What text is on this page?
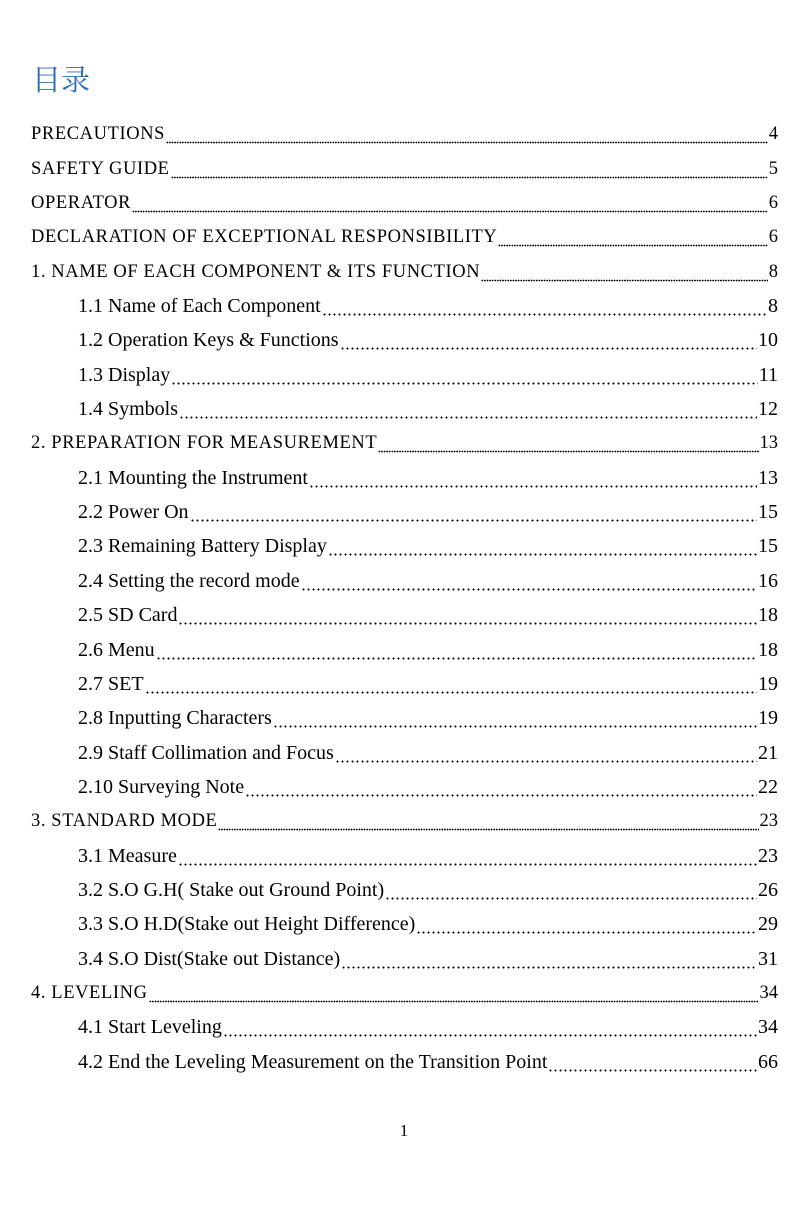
目录
PRECAUTIONS	4
SAFETY GUIDE	5
OPERATOR	6
DECLARATION OF EXCEPTIONAL RESPONSIBILITY	6
1. NAME OF EACH COMPONENT & ITS FUNCTION	8
1.1 Name of Each Component	8
1.2 Operation Keys & Functions	10
1.3 Display	11
1.4 Symbols	12
2. PREPARATION FOR MEASUREMENT	13
2.1 Mounting the Instrument	13
2.2 Power On	15
2.3 Remaining Battery Display	15
2.4 Setting the record mode	16
2.5 SD Card	18
2.6 Menu	18
2.7 SET	19
2.8 Inputting Characters	19
2.9 Staff Collimation and Focus	21
2.10 Surveying Note	22
3. STANDARD MODE	23
3.1 Measure	23
3.2 S.O G.H( Stake out Ground Point)	26
3.3 S.O H.D(Stake out Height Difference)	29
3.4 S.O Dist(Stake out Distance)	31
4. LEVELING	34
4.1 Start Leveling	34
4.2 End the Leveling Measurement on the Transition Point	66
1
